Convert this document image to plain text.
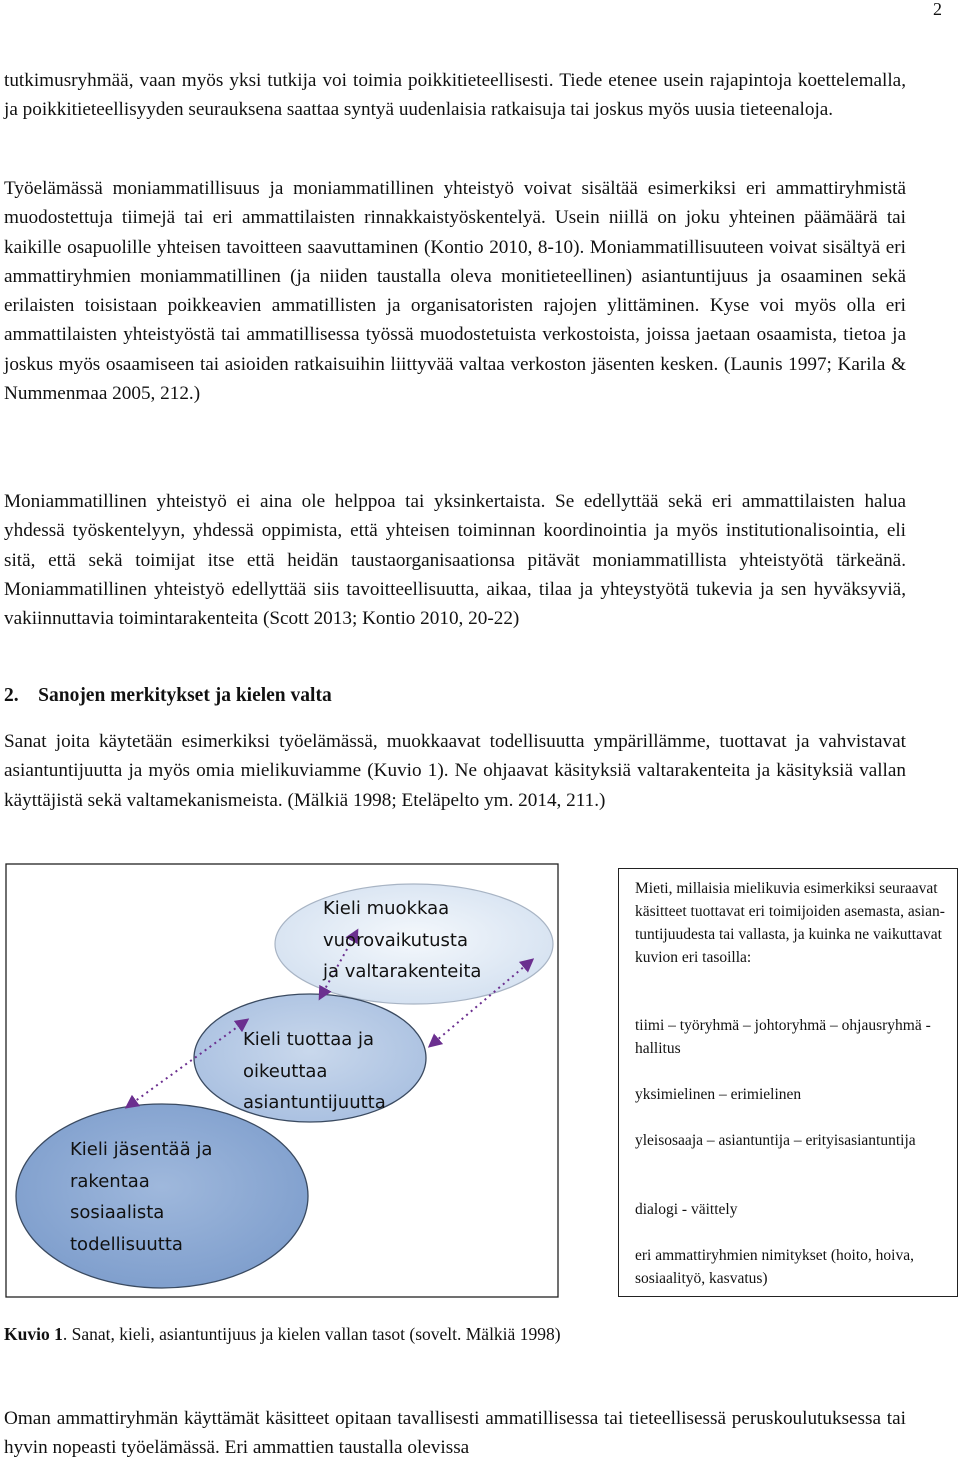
2

tutkimusryhmää, vaan myös yksi tutkija voi toimia poikkitieteellisesti. Tiede etenee usein rajapintoja koettelemalla, ja poikkitieteellisyyden seurauksena saattaa syntyä uudenlaisia ratkaisuja tai joskus myös uusia tieteenaloja.

Työelämässä moniammatillisuus ja moniammatillinen yhteistyö voivat sisältää esimerkiksi eri ammattiryhmistä muodostettuja tiimejä tai eri ammattilaisten rinnakkaistyöskentelyä. Usein niillä on joku yhteinen päämäärä tai kaikille osapuolille yhteisen tavoitteen saavuttaminen (Kontio 2010, 8-10). Moniammatillisuuteen voivat sisältyä eri ammattiryhmien moniammatillinen (ja niiden taustalla oleva monitieteellinen) asiantuntijuus ja osaaminen sekä erilaisten toisistaan poikkeavien ammatillisten ja organisatoristen rajojen ylittäminen. Kyse voi myös olla eri ammattilaisten yhteistyöstä tai ammatillisessa työssä muodostetuista verkostoista, joissa jaetaan osaamista, tietoa ja joskus myös osaamiseen tai asioiden ratkaisuihin liittyvää valtaa verkoston jäsenten kesken. (Launis 1997; Karila & Nummenmaa 2005, 212.)

Moniammatillinen yhteistyö ei aina ole helppoa tai yksinkertaista. Se edellyttää sekä eri ammattilaisten halua yhdessä työskentelyyn, yhdessä oppimista, että yhteisen toiminnan koordinointia ja myös institutionalisointia, eli sitä, että sekä toimijat itse että heidän taustaorganisaationsa pitävät moniammatillista yhteistyötä tärkeänä. Moniammatillinen yhteistyö edellyttää siis tavoitteellisuutta, aikaa, tilaa ja yhteystyötä tukevia ja sen hyväksyviä, vakiinnuttavia toimintarakenteita (Scott 2013; Kontio 2010, 20-22)

2. Sanojen merkitykset ja kielen valta

Sanat joita käytetään esimerkiksi työelämässä, muokkaavat todellisuutta ympärillämme, tuottavat ja vahvistavat asiantuntijuutta ja myös omia mielikuviamme (Kuvio 1). Ne ohjaavat käsityksiä valtarakenteita ja käsityksiä vallan käyttäjistä sekä valtamekanismeista. (Mälkiä 1998; Eteläpelto ym. 2014, 211.)

Kieli muokkaa
vuorovaikutusta
ja valtarakenteita
Kieli tuottaa ja
oikeuttaa
asiantuntijuutta
Kieli jäsentää ja
rakentaa
sosiaalista
todellisuutta

Mieti, millaisia mielikuvia esimerkiksi seuraavat käsitteet tuottavat eri toimijoiden asemasta, asian-tuntijuudesta tai vallasta, ja kuinka ne vaikuttavat kuvion eri tasoilla:

tiimi – työryhmä – johtoryhmä – ohjausryhmä -hallitus

yksimielinen – erimielinen

yleisosaaja – asiantuntija – erityisasiantuntija

dialogi - väittely

eri ammattiryhmien nimitykset (hoito, hoiva, sosiaalityö, kasvatus)

Kuvio 1. Sanat, kieli, asiantuntijuus ja kielen vallan tasot (sovelt. Mälkiä 1998)

Oman ammattiryhmän käyttämät käsitteet opitaan tavallisesti ammatillisessa tai tieteellisessä peruskoulutuksessa tai hyvin nopeasti työelämässä. Eri ammattien taustalla olevissa
